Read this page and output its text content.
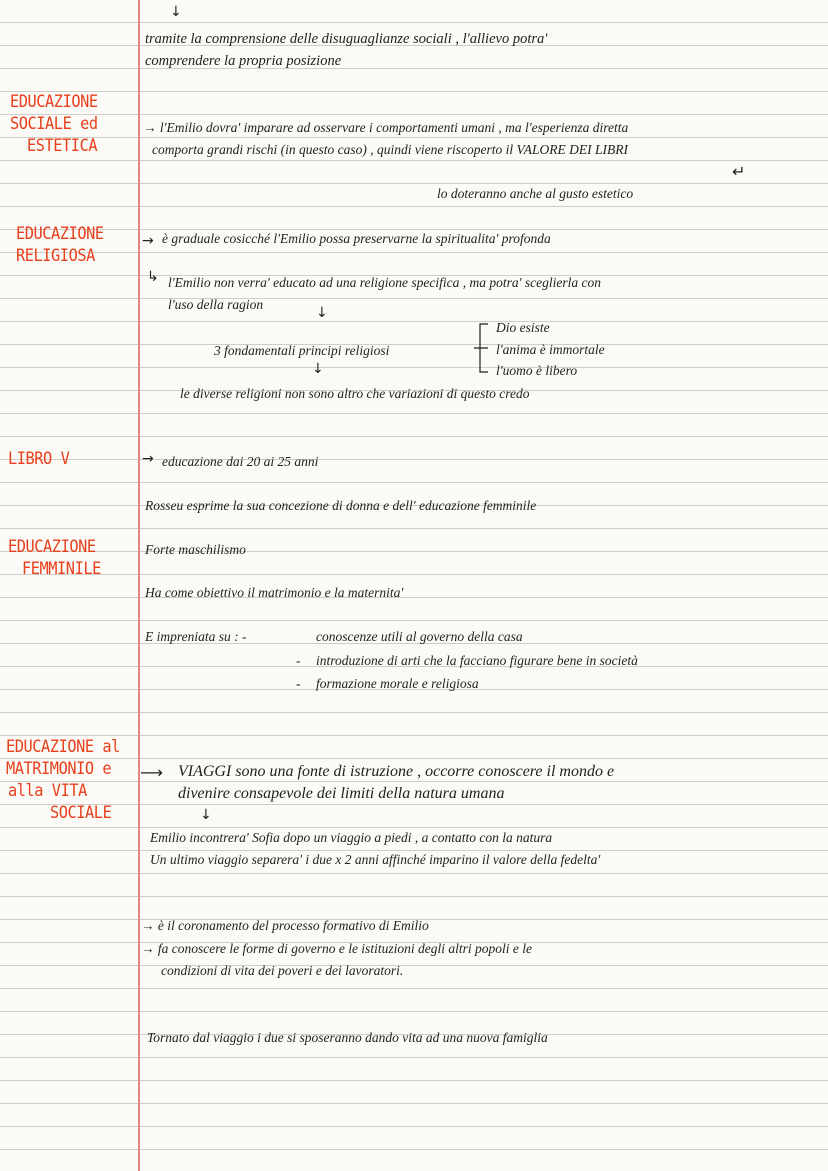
↓
tramite la comprensione delle disuguaglianze sociali , l'allievo potra'
comprendere la propria posizione
EDUCAZIONE
SOCIALE ed
ESTETICA
→ l'Emilio dovra' imparare ad osservare i comportamenti umani , ma l'esperienza diretta
comporta grandi rischi (in questo caso) , quindi viene riscoperto il VALORE DEI LIBRI
↵
lo doteranno anche al gusto estetico
EDUCAZIONE
RELIGIOSA
→ è graduale cosicché l'Emilio possa preservarne la spiritualita' profonda
↳ l'Emilio non verra' educato ad una religione specifica , ma potra' sceglierla con
l'uso della ragion
↓
3 fondamentali principi religiosi
Dio esiste
l'anima è immortale
l'uomo è libero
↓
le diverse religioni non sono altro che variazioni di questo credo
LIBRO V	→ educazione dai 20 ai 25 anni
Rosseu esprime la sua concezione di donna e dell' educazione femminile
EDUCAZIONE
FEMMINILE
Forte maschilismo
Ha come obiettivo il matrimonio e la maternita'
E impreniata su : -	conoscenze utili al governo della casa
- introduzione di arti che la facciano figurare bene in società
- formazione morale e religiosa
EDUCAZIONE al
MATRIMONIO e
alla VITA
SOCIALE
⟶ VIAGGI sono una fonte di istruzione , occorre conoscere il mondo e
divenire consapevole dei limiti della natura umana
↓
Emilio incontrera' Sofia dopo un viaggio a piedi , a contatto con la natura
Un ultimo viaggio separera' i due x 2 anni affinché imparino il valore della fedelta'
→ è il coronamento del processo formativo di Emilio
→ fa conoscere le forme di governo e le istituzioni degli altri popoli e le
condizioni di vita dei poveri e dei lavoratori.
Tornato dal viaggio i due si sposeranno dando vita ad una nuova famiglia
